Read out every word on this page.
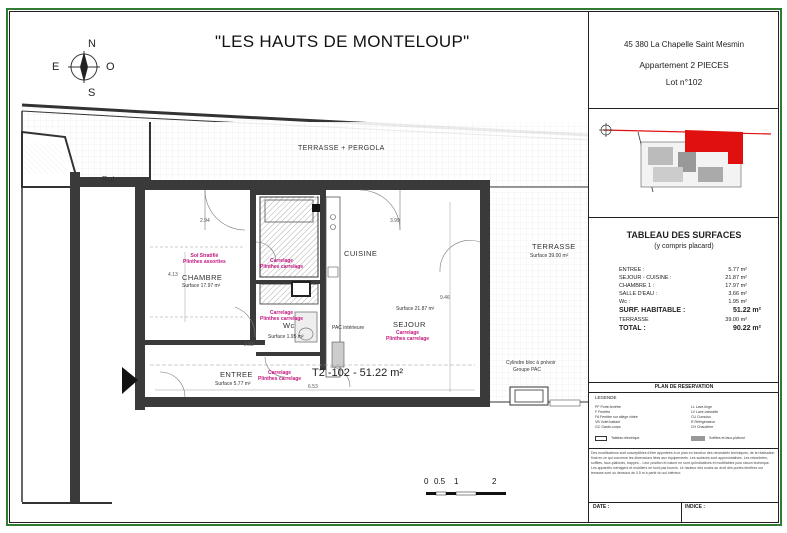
"LES HAUTS DE MONTELOUP"
N
S
E	O
Rgt
TERRASSE + PERGOLA
TERRASSE
Surface 39.00 m²
CHAMBRE
Surface 17.97 m²
Sol Stratifié
Plinthes assorties
CUISINE
SEJOUR
Surface 21.87 m²
Carrelage
Plinthes carrelage
Carrelage
Plinthes carrelage
Wc
Surface 1.95 m²
Carrelage
Plinthes carrelage
ENTREE
Surface 5.77 m²
Carrelage
Plinthes carrelage
PAC intérieure
Cylindre bloc à prévoir
Groupe PAC
T2 -102 - 51.22 m²
2.94	3.99
4.13
9.46
2.83
6.53
B
0 0.5 1	2
45 380 La Chapelle Saint Mesmin
Appartement 2 PIECES
Lot n°102
TABLEAU DES SURFACES
(y compris placard)
ENTREE :	5.77 m²
SEJOUR - CUISINE :	21.87 m²
CHAMBRE 1 :	17.97 m²
SALLE D'EAU :	3.66 m²
Wc :	1.95 m²
SURF. HABITABLE :	51.22 m²
TERRASSE	39.00 m²
TOTAL :	90.22 m²
PLAN DE RESERVATION
LEGENDE
PF Porte-fenêtre
F Fenêtre
FA Fenêtre sur allège vitrée
VB Volet battant
GC Garde-corps
LL Lave-linge
LV Lave-vaisselle
CU Cumulus
R Réfrigérateur
CH Chaudière
Tableau électrique	Soffites et faux-plafond
Des modifications sont susceptibles d'être apportées à ce plan en fonction des nécessités techniques, de la réalisation final en ce qui concerne les dimensions liées aux équipements. Les surfaces sont approximatives. Les retombées, soffites, faux-plafonds, trappes... Leur position et nature ne sont qu'indicatives et modifiables pour raison technique. Les appareils ménagers et mobiliers ne sont pas fournis. Le hauteur des soubs au droit des portes-fenêtres sur terrasse sont ou dessous de 0.5 m à partir du sol intérieur.
DATE :	INDICE :
